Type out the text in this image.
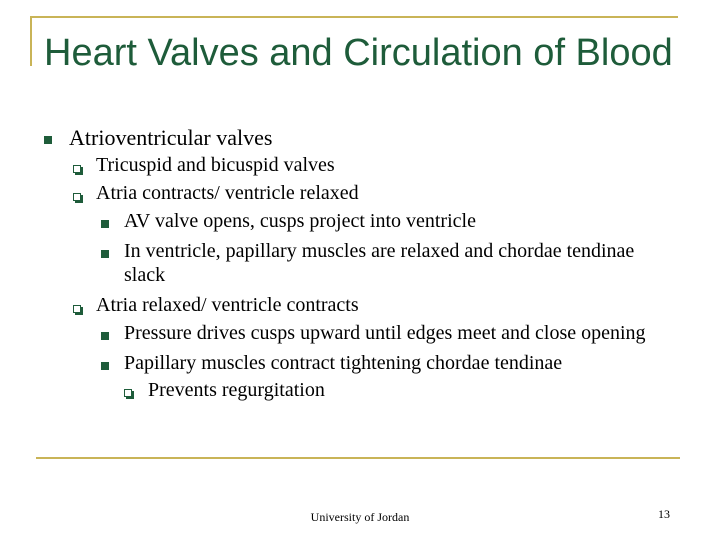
Heart Valves and Circulation of Blood
Atrioventricular valves
Tricuspid and bicuspid valves
Atria contracts/ ventricle relaxed
AV valve opens, cusps project into ventricle
In ventricle, papillary muscles are relaxed and chordae tendinae slack
Atria relaxed/ ventricle contracts
Pressure drives cusps upward until edges meet and close opening
Papillary muscles contract tightening chordae tendinae
Prevents regurgitation
University of Jordan	13
